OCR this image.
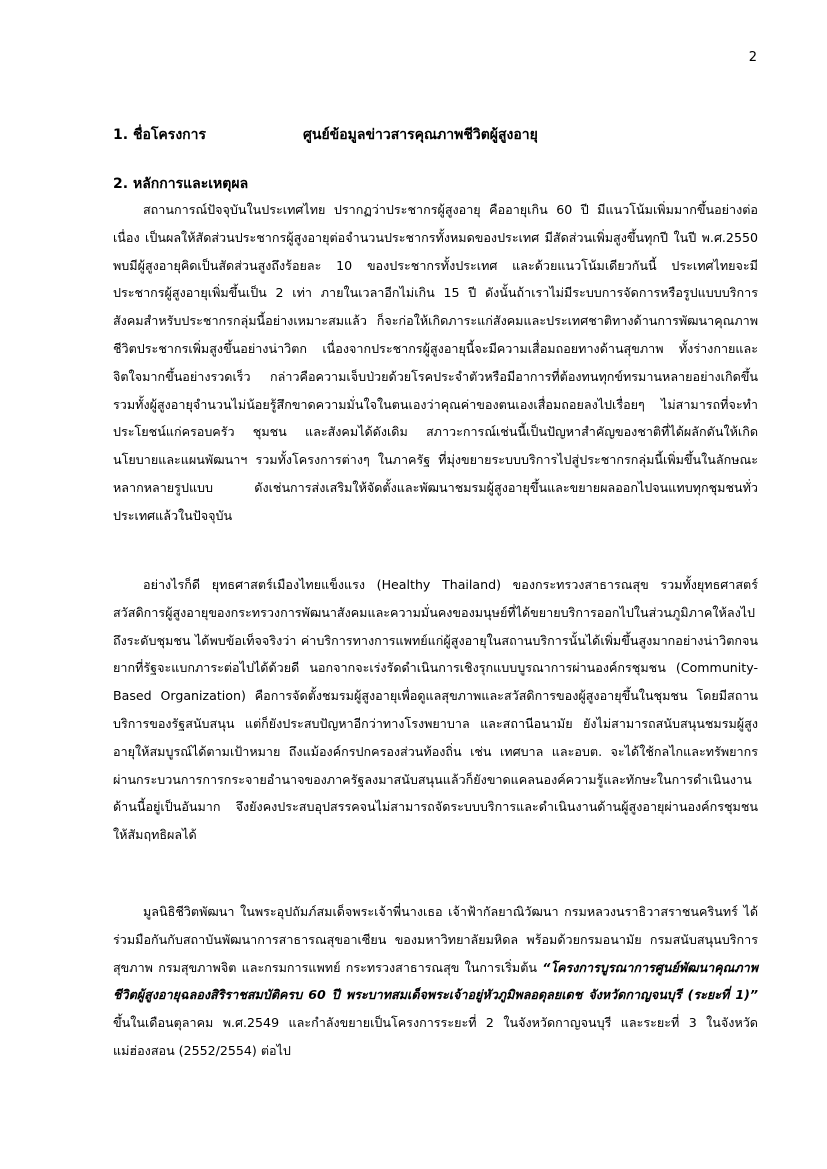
2
1. ชื่อโครงการ	ศูนย์ข้อมูลข่าวสารคุณภาพชีวิตผู้สูงอายุ
2. หลักการและเหตุผล

สถานการณ์ปัจจุบันในประเทศไทย ปรากฏว่าประชากรผู้สูงอายุ คืออายุเกิน 60 ปี มีแนวโน้มเพิ่มมากขึ้นอย่างต่อเนื่อง เป็นผลให้สัดส่วนประชากรผู้สูงอายุต่อจำนวนประชากรทั้งหมดของประเทศ มีสัดส่วนเพิ่มสูงขึ้นทุกปี ในปี พ.ศ.2550 พบมีผู้สูงอายุคิดเป็นสัดส่วนสูงถึงร้อยละ 10 ของประชากรทั้งประเทศ และด้วยแนวโน้มเดียวกันนี้ ประเทศไทยจะมีประชากรผู้สูงอายุเพิ่มขึ้นเป็น 2 เท่า ภายในเวลาอีกไม่เกิน 15 ปี ดังนั้นถ้าเราไม่มีระบบการจัดการหรือรูปแบบบริการสังคมสำหรับประชากรกลุ่มนี้อย่างเหมาะสมแล้ว ก็จะก่อให้เกิดภาระแก่สังคมและประเทศชาติทางด้านการพัฒนาคุณภาพชีวิตประชากรเพิ่มสูงขึ้นอย่างน่าวิตก เนื่องจากประชากรผู้สูงอายุนี้จะมีความเสื่อมถอยทางด้านสุขภาพ ทั้งร่างกายและจิตใจมากขึ้นอย่างรวดเร็ว กล่าวคือความเจ็บป่วยด้วยโรคประจำตัวหรือมีอาการที่ต้องทนทุกข์ทรมานหลายอย่างเกิดขึ้น รวมทั้งผู้สูงอายุจำนวนไม่น้อยรู้สึกขาดความมั่นใจในตนเองว่าคุณค่าของตนเองเสื่อมถอยลงไปเรื่อยๆ ไม่สามารถที่จะทำประโยชน์แก่ครอบครัว ชุมชน และสังคมได้ดังเดิม สภาวะการณ์เช่นนี้เป็นปัญหาสำคัญของชาติที่ได้ผลักดันให้เกิดนโยบายและแผนพัฒนาฯ รวมทั้งโครงการต่างๆ ในภาครัฐ ที่มุ่งขยายระบบบริการไปสู่ประชากรกลุ่มนี้เพิ่มขึ้นในลักษณะหลากหลายรูปแบบ ดังเช่นการส่งเสริมให้จัดตั้งและพัฒนาชมรมผู้สูงอายุขึ้นและขยายผลออกไปจนแทบทุกชุมชนทั่วประเทศแล้วในปัจจุบัน

อย่างไรก็ดี ยุทธศาสตร์เมืองไทยแข็งแรง (Healthy Thailand) ของกระทรวงสาธารณสุข รวมทั้งยุทธศาสตร์สวัสดิการผู้สูงอายุของกระทรวงการพัฒนาสังคมและความมั่นคงของมนุษย์ที่ได้ขยายบริการออกไปในส่วนภูมิภาคให้ลงไปถึงระดับชุมชน ได้พบข้อเท็จจริงว่า ค่าบริการทางการแพทย์แก่ผู้สูงอายุในสถานบริการนั้นได้เพิ่มขึ้นสูงมากอย่างน่าวิตกจนยากที่รัฐจะแบกภาระต่อไปได้ด้วยดี นอกจากจะเร่งรัดดำเนินการเชิงรุกแบบบูรณาการผ่านองค์กรชุมชน (Community-Based Organization) คือการจัดตั้งชมรมผู้สูงอายุเพื่อดูแลสุขภาพและสวัสดิการของผู้สูงอายุขึ้นในชุมชน โดยมีสถานบริการของรัฐสนับสนุน แต่ก็ยังประสบปัญหาอีกว่าทางโรงพยาบาล และสถานีอนามัย ยังไม่สามารถสนับสนุนชมรมผู้สูงอายุให้สมบูรณ์ได้ตามเป้าหมาย ถึงแม้องค์กรปกครองส่วนท้องถิ่น เช่น เทศบาล และอบต. จะได้ใช้กลไกและทรัพยากรผ่านกระบวนการการกระจายอำนาจของภาครัฐลงมาสนับสนุนแล้วก็ยังขาดแคลนองค์ความรู้และทักษะในการดำเนินงานด้านนี้อยู่เป็นอันมาก จึงยังคงประสบอุปสรรคจนไม่สามารถจัดระบบบริการและดำเนินงานด้านผู้สูงอายุผ่านองค์กรชุมชนให้สัมฤทธิผลได้

มูลนิธิชีวิตพัฒนา ในพระอุปถัมภ์สมเด็จพระเจ้าพี่นางเธอ เจ้าฟ้ากัลยาณิวัฒนา กรมหลวงนราธิวาสราชนครินทร์ ได้ร่วมมือกันกับสถาบันพัฒนาการสาธารณสุขอาเซียน ของมหาวิทยาลัยมหิดล พร้อมด้วยกรมอนามัย กรมสนับสนุนบริการสุขภาพ กรมสุขภาพจิต และกรมการแพทย์ กระทรวงสาธารณสุข ในการเริ่มต้น “โครงการบูรณาการศูนย์พัฒนาคุณภาพชีวิตผู้สูงอายุฉลองสิริราชสมบัติครบ 60 ปี พระบาทสมเด็จพระเจ้าอยู่หัวภูมิพลอดุลยเดช จังหวัดกาญจนบุรี (ระยะที่ 1)” ขึ้นในเดือนตุลาคม พ.ศ.2549 และกำลังขยายเป็นโครงการระยะที่ 2 ในจังหวัดกาญจนบุรี และระยะที่ 3 ในจังหวัดแม่ฮ่องสอน (2552/2554) ต่อไป
